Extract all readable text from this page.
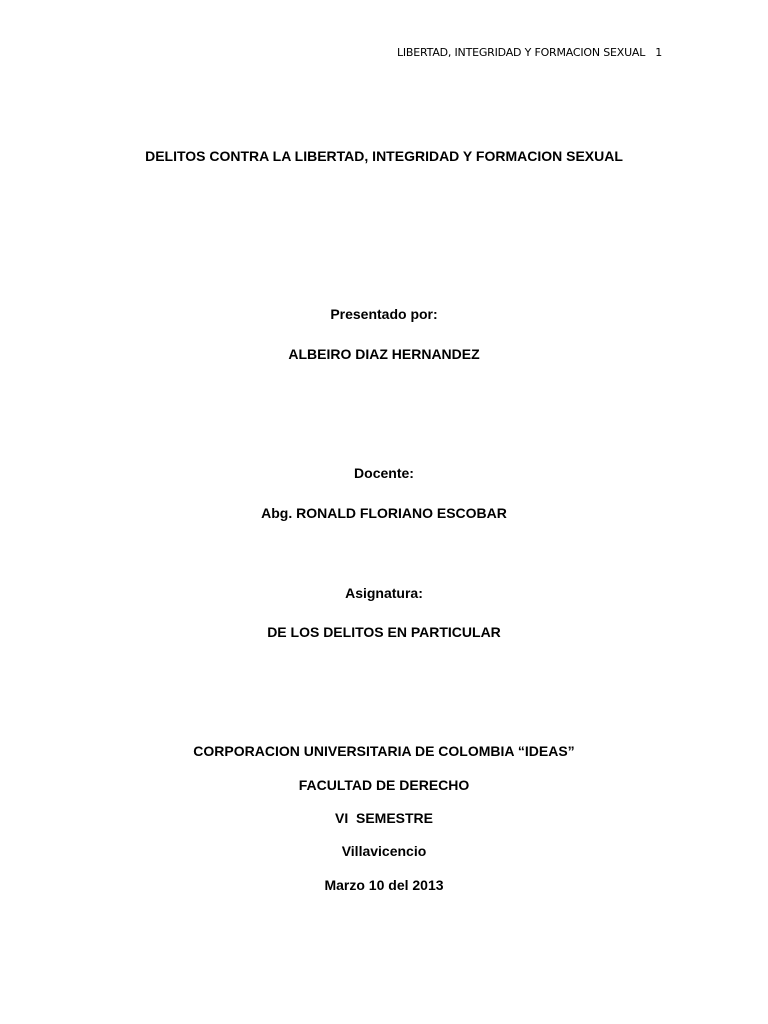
LIBERTAD, INTEGRIDAD Y FORMACION SEXUAL 1
DELITOS CONTRA LA LIBERTAD, INTEGRIDAD Y FORMACION SEXUAL
Presentado por:
ALBEIRO DIAZ HERNANDEZ
Docente:
Abg. RONALD FLORIANO ESCOBAR
Asignatura:
DE LOS DELITOS EN PARTICULAR
CORPORACION UNIVERSITARIA DE COLOMBIA “IDEAS”
FACULTAD DE DERECHO
VI  SEMESTRE
Villavicencio
Marzo 10 del 2013
